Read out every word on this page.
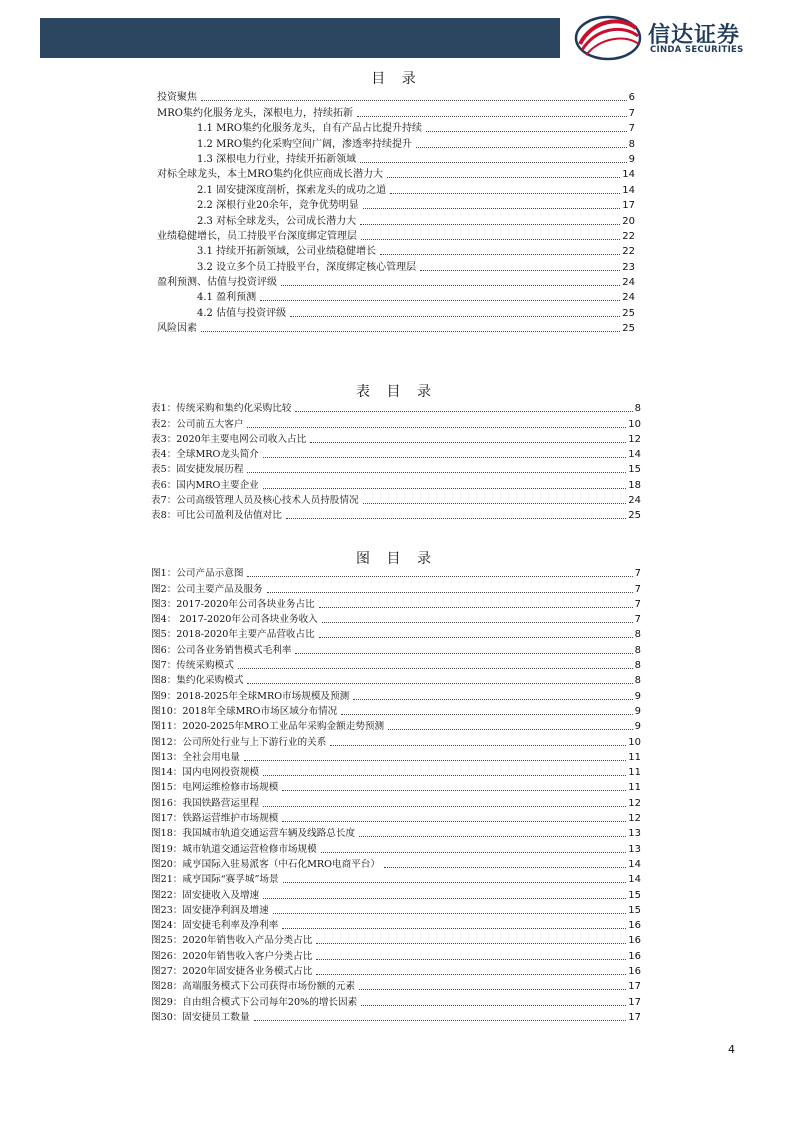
信达证券
CINDA SECURITIES
目 录
投资聚焦	6
MRO集约化服务龙头，深根电力，持续拓新	7
1.1 MRO集约化服务龙头，自有产品占比提升持续	7
1.2 MRO集约化采购空间广阔，渗透率持续提升	8
1.3 深根电力行业，持续开拓新领域	9
对标全球龙头，本土MRO集约化供应商成长潜力大	14
2.1 固安捷深度剖析，探索龙头的成功之道	14
2.2 深根行业20余年，竞争优势明显	17
2.3 对标全球龙头，公司成长潜力大	20
业绩稳健增长，员工持股平台深度绑定管理层	22
3.1 持续开拓新领域，公司业绩稳健增长	22
3.2 设立多个员工持股平台，深度绑定核心管理层	23
盈利预测、估值与投资评级	24
4.1 盈利预测	24
4.2 估值与投资评级	25
风险因素	25
表 目 录
表1：传统采购和集约化采购比较	8
表2：公司前五大客户	10
表3：2020年主要电网公司收入占比	12
表4：全球MRO龙头简介	14
表5：固安捷发展历程	15
表6：国内MRO主要企业	18
表7：公司高级管理人员及核心技术人员持股情况	24
表8：可比公司盈利及估值对比	25
图 目 录
图1：公司产品示意图	7
图2：公司主要产品及服务	7
图3：2017-2020年公司各块业务占比	7
图4： 2017-2020年公司各块业务收入	7
图5：2018-2020年主要产品营收占比	8
图6：公司各业务销售模式毛利率	8
图7：传统采购模式	8
图8：集约化采购模式	8
图9：2018-2025年全球MRO市场规模及预测	9
图10：2018年全球MRO市场区域分布情况	9
图11：2020-2025年MRO工业品年采购金额走势预测	9
图12：公司所处行业与上下游行业的关系	10
图13：全社会用电量	11
图14：国内电网投资规模	11
图15：电网运维检修市场规模	11
图16：我国铁路营运里程	12
图17：铁路运营维护市场规模	12
图18：我国城市轨道交通运营车辆及线路总长度	13
图19：城市轨道交通运营检修市场规模	13
图20：咸亨国际入驻易派客（中石化MRO电商平台）	14
图21：咸亨国际“赛孚城”场景	14
图22：固安捷收入及增速	15
图23：固安捷净利润及增速	15
图24：固安捷毛利率及净利率	16
图25：2020年销售收入产品分类占比	16
图26：2020年销售收入客户分类占比	16
图27：2020年固安捷各业务模式占比	16
图28：高端服务模式下公司获得市场份额的元素	17
图29：自由组合模式下公司每年20%的增长因素	17
图30：固安捷员工数量	17
4
